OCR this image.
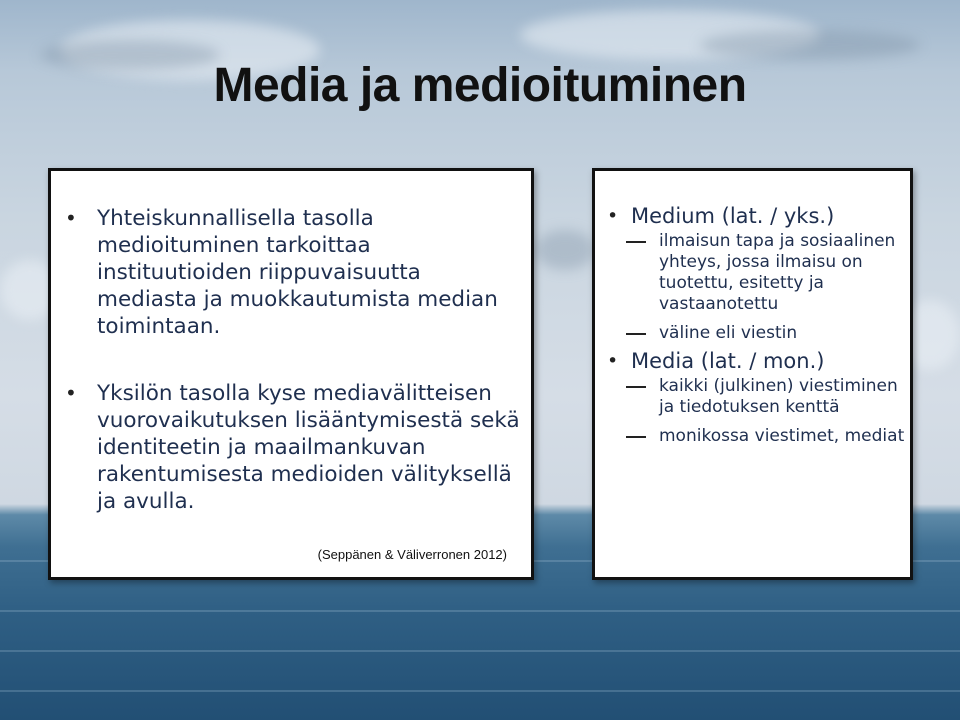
Media ja medioituminen
• Yhteiskunnallisella tasolla medioituminen tarkoittaa instituutioiden riippuvaisuutta mediasta ja muokkautumista median toimintaan.
• Yksilön tasolla kyse mediavälitteisen vuorovaikutuksen lisääntymisestä sekä identiteetin ja maailmankuvan rakentumisesta medioiden välityksellä ja avulla.
(Seppänen & Väliverronen 2012)
• Medium (lat. / yks.)
ilmaisun tapa ja sosiaalinen yhteys, jossa ilmaisu on tuotettu, esitetty ja vastaanotettu
väline eli viestin
• Media (lat. / mon.)
kaikki (julkinen) viestiminen ja tiedotuksen kenttä
monikossa viestimet, mediat
